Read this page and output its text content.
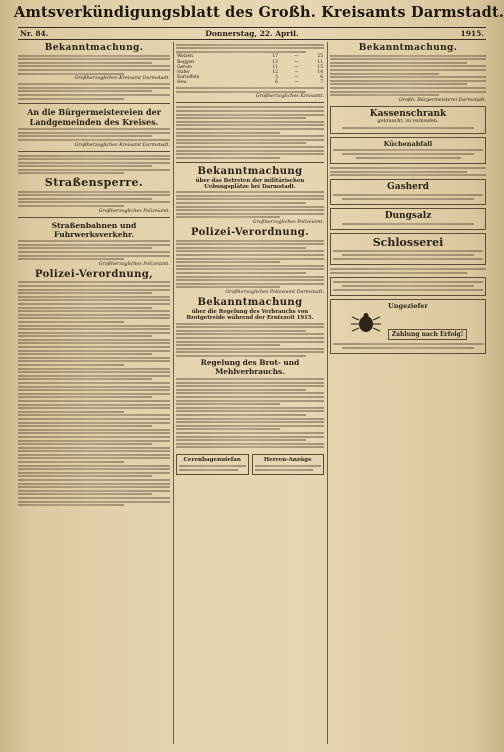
Amtsverkündigungsblatt des Großh. Kreisamts Darmstadt.
Nr. 84.	Donnerstag, 22. April.	1915.
Bekanntmachung.
Großherzogliches Kreisamt Darmstadt.
An die Bürgermeistereien der Landgemeinden des Kreises.
Großherzogliches Kreisamt Darmstadt.
Straßensperre.
Großherzogliches Polizeiamt.
Straßenbahnen und Fuhrwerksverkehr.
Großherzogliches Polizeiamt.
Polizei-Verordnung,
Weizen	17	—	25
Roggen	13	—	11
Gerste	11	—	15
Hafer	12	—	14
Kartoffeln	5	—	6
Heu	6	—	7
Großherzogliches Kreisamt.
Bekanntmachung
über das Betreten der militärischen Uebungsplätze bei Darmstadt.
Großherzogliches Polizeiamt.
Polizei-Verordnung.
Großherzogliches Polizeiamt Darmstadt.
Bekanntmachung
über die Regelung des Verbrauchs von Brotgetreide während der Erntezeit 1915.
Regelung des Brot- und Mehlverbrauchs.
Cerenbagenuiefan	Herren-Anzüge
Bekanntmachung.
Großh. Bürgermeisterei Darmstadt.
Kassenschrank
gebraucht, zu verkaufen.
Küchenabfall
Gasherd
Dungsalz
Schlosserei
Ungeziefer
Zahlung nach Erfolg!
